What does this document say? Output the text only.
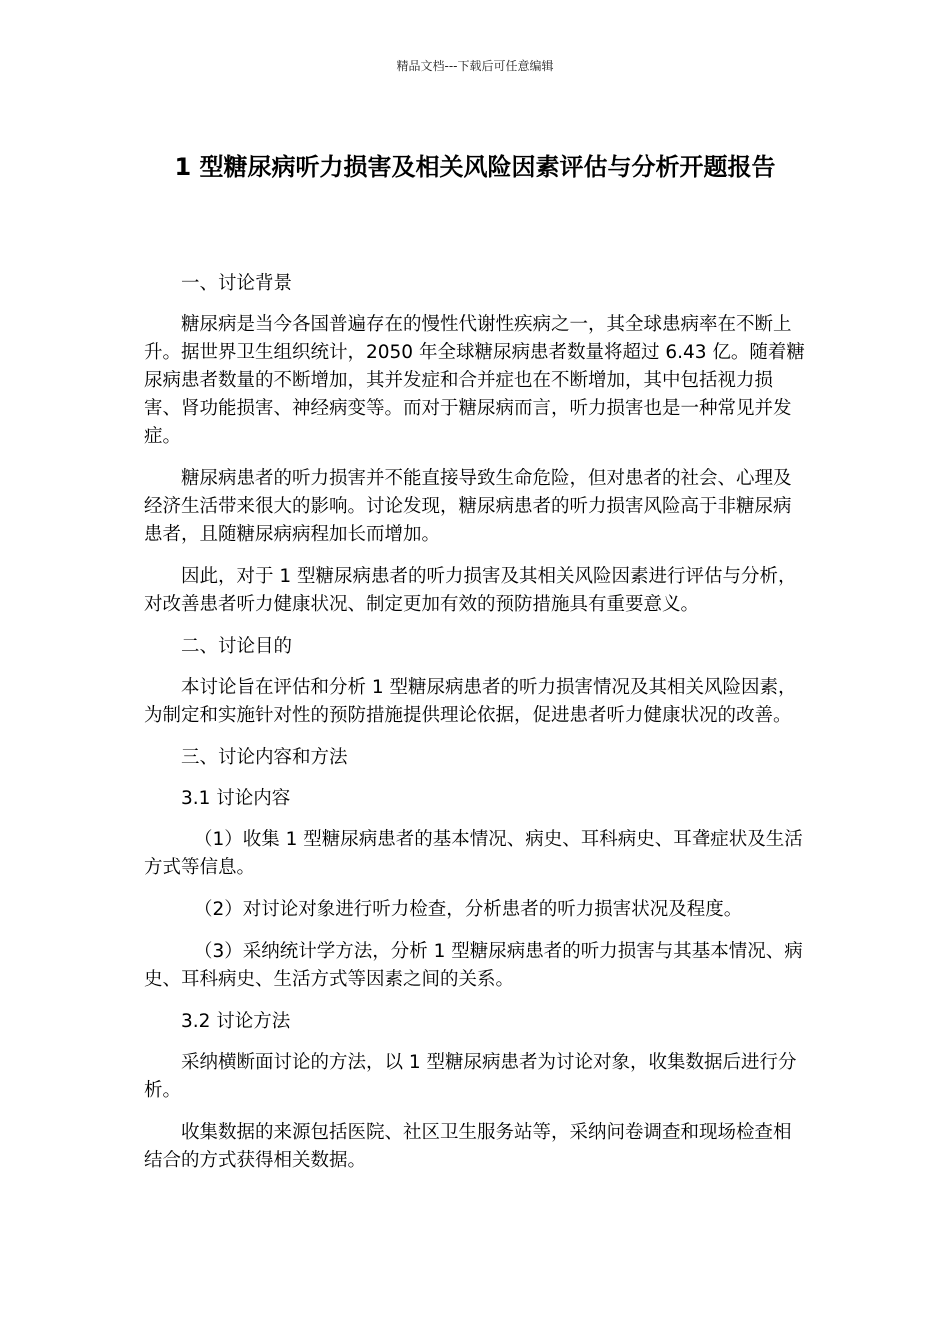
精品文档---下载后可任意编辑
1 型糖尿病听力损害及相关风险因素评估与分析开题报告

一、讨论背景

糖尿病是当今各国普遍存在的慢性代谢性疾病之一，其全球患病率在不断上升。据世界卫生组织统计，2050 年全球糖尿病患者数量将超过 6.43 亿。随着糖尿病患者数量的不断增加，其并发症和合并症也在不断增加，其中包括视力损害、肾功能损害、神经病变等。而对于糖尿病而言，听力损害也是一种常见并发症。

糖尿病患者的听力损害并不能直接导致生命危险，但对患者的社会、心理及经济生活带来很大的影响。讨论发现，糖尿病患者的听力损害风险高于非糖尿病患者，且随糖尿病病程加长而增加。

因此，对于 1 型糖尿病患者的听力损害及其相关风险因素进行评估与分析，对改善患者听力健康状况、制定更加有效的预防措施具有重要意义。

二、讨论目的

本讨论旨在评估和分析 1 型糖尿病患者的听力损害情况及其相关风险因素，为制定和实施针对性的预防措施提供理论依据，促进患者听力健康状况的改善。

三、讨论内容和方法

3.1 讨论内容

（1）收集 1 型糖尿病患者的基本情况、病史、耳科病史、耳聋症状及生活方式等信息。

（2）对讨论对象进行听力检查，分析患者的听力损害状况及程度。

（3）采纳统计学方法，分析 1 型糖尿病患者的听力损害与其基本情况、病史、耳科病史、生活方式等因素之间的关系。

3.2 讨论方法

采纳横断面讨论的方法，以 1 型糖尿病患者为讨论对象，收集数据后进行分析。

收集数据的来源包括医院、社区卫生服务站等，采纳问卷调查和现场检查相结合的方式获得相关数据。
